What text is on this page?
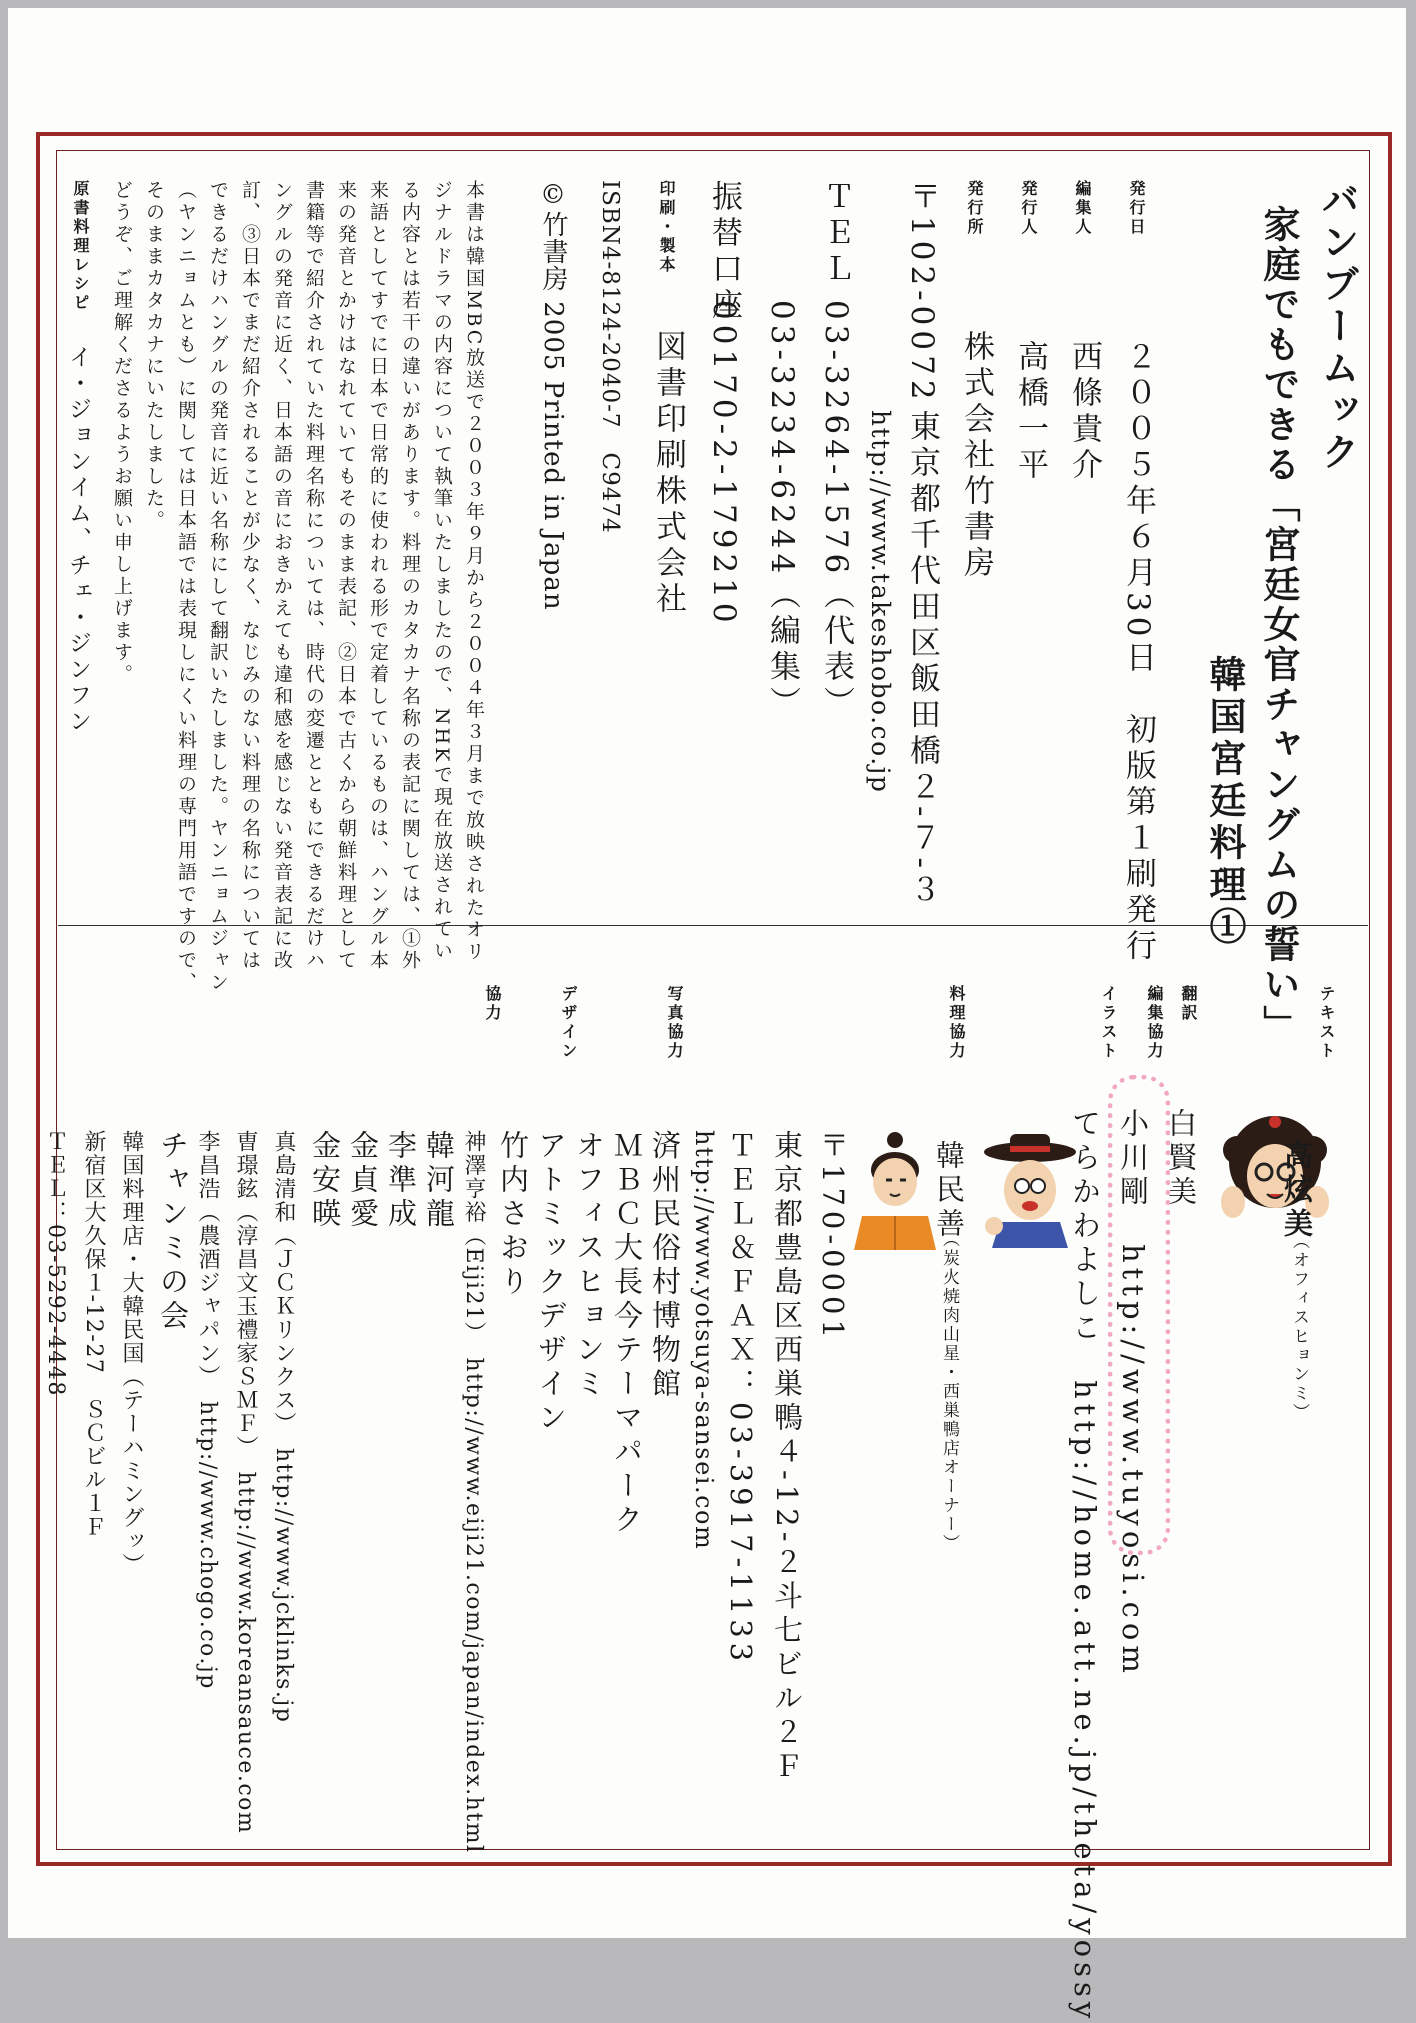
バンブームック
家庭でもできる「宮廷女官チャングムの誓い」
韓国宮廷料理①
発行日
２００５年６月30日　初版第１刷発行
編集人
西條貴介
発行人
高橋一平
発行所
株式会社竹書房
〒102-0072
東京都千代田区飯田橋２‐７‐３
http://www.takeshobo.co.jp
ＴＥＬ
03‐3264‐1576（代表）
03‐3234‐6244（編集）
振替口座
00170‐2‐179210
印刷・製本
図書印刷株式会社
ISBN4-8124-2040-7　C9474
©竹書房 2005 Printed in Japan
本書は韓国MBC放送で２００３年９月から２００４年３月まで放映されたオリ
ジナルドラマの内容について執筆いたしましたので、NHKで現在放送されてい
る内容とは若干の違いがあります。料理のカタカナ名称の表記に関しては、①外
来語としてすでに日本で日常的に使われる形で定着しているものは、ハングル本
来の発音とかけはなれていてもそのまま表記、②日本で古くから朝鮮料理として
書籍等で紹介されていた料理名称については、時代の変遷とともにできるだけハ
ングルの発音に近く、日本語の音におきかえても違和感を感じない発音表記に改
訂、③日本でまだ紹介されることが少なく、なじみのない料理の名称については
できるだけハングルの発音に近い名称にして翻訳いたしました。ヤンニョムジャン
（ヤンニョムとも）に関しては日本語では表現しにくい料理の専門用語ですので、
そのままカタカナにいたしました。
どうぞ、ご理解くださるようお願い申し上げます。
原書料理レシピ
イ・ジョンイム、チェ・ジンフン
テキスト
翻訳
編集協力
イラスト
料理協力
写真協力
デザイン
協力
高炫美
（オフィスヒョンミ）
白賢美
小川剛　http://www.tuyosi.com
てらかわよしこ　http://home.att.ne.jp/theta/yossy
韓民善
（炭火焼肉山星・西巣鴨店オーナー）
〒170‐0001
東京都豊島区西巣鴨４‐12‐２斗七ビル２Ｆ
ＴＥＬ＆ＦＡＸ：03‐3917‐1133
http://www.yotsuya-sansei.com
済州民俗村博物館
ＭＢＣ大長今テーマパーク
オフィスヒョンミ
アトミックデザイン
竹内さおり
神澤亨裕（Eiji21）　http://www.eiji21.com/japan/index.html
韓河龍
李準成
金貞愛
金安暎
真島清和（ＪＣＫリンクス）　http://www.jcklinks.jp
曺璟鉉（淳昌文玉禮家ＳＭＦ）　http://www.koreansauce.com
李昌浩（農酒ジャパン）　http://www.chogo.co.jp
チャンミの会
韓国料理店・大韓民国（テーハミングッ）
新宿区大久保１‐12‐27　ＳＣビル１Ｆ
ＴＥＬ：03‐5292‐4448
